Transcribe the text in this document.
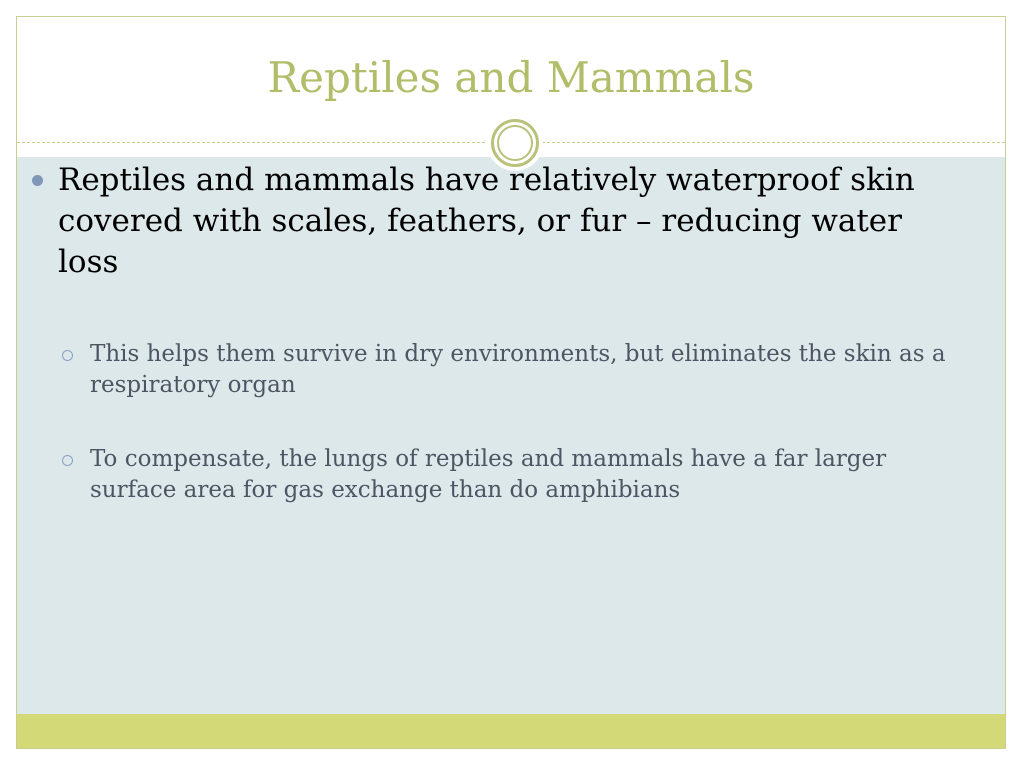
Reptiles and Mammals

Reptiles and mammals have relatively waterproof skin covered with scales, feathers, or fur – reducing water loss

This helps them survive in dry environments, but eliminates the skin as a respiratory organ

To compensate, the lungs of reptiles and mammals have a far larger surface area for gas exchange than do amphibians
